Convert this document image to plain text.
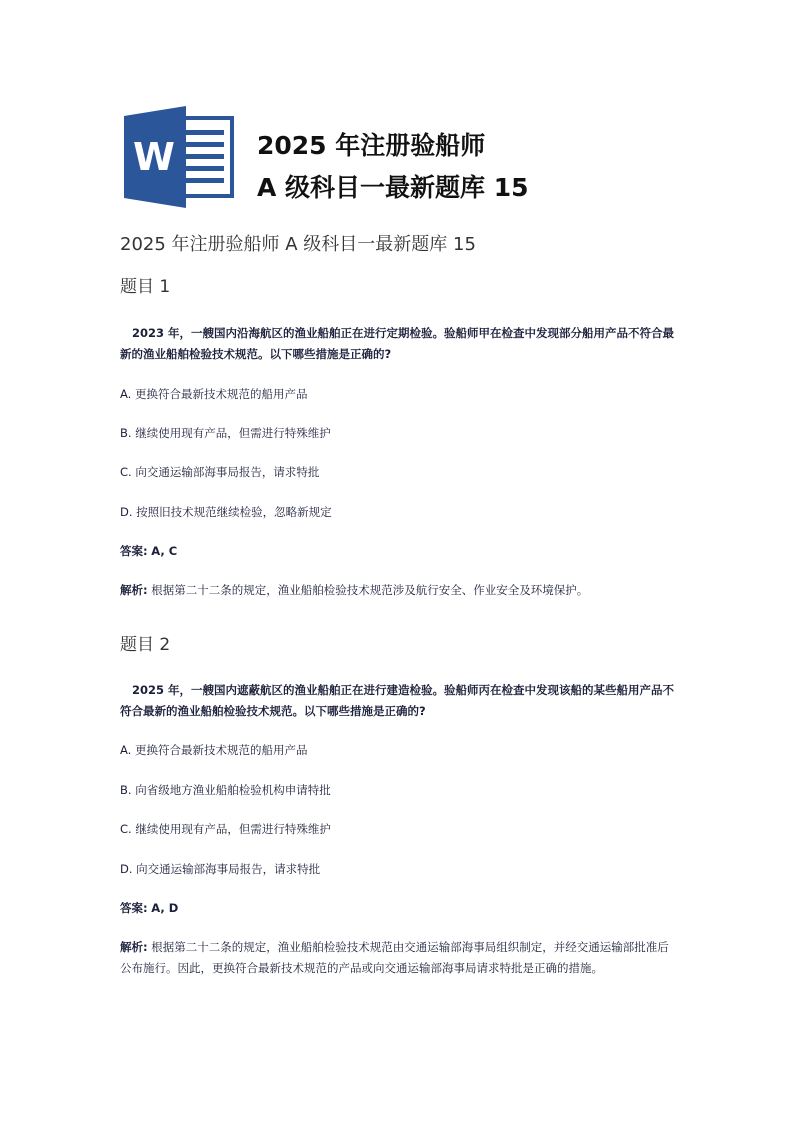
W	2025 年注册验船师
A 级科目一最新题库 15
2025 年注册验船师 A 级科目一最新题库 15
题目 1
2023 年，一艘国内沿海航区的渔业船舶正在进行定期检验。验船师甲在检查中发现部分船用产品不符合最新的渔业船舶检验技术规范。以下哪些措施是正确的?
A. 更换符合最新技术规范的船用产品
B. 继续使用现有产品，但需进行特殊维护
C. 向交通运输部海事局报告，请求特批
D. 按照旧技术规范继续检验，忽略新规定
答案: A, C
解析: 根据第二十二条的规定，渔业船舶检验技术规范涉及航行安全、作业安全及环境保护。
题目 2
2025 年，一艘国内遮蔽航区的渔业船舶正在进行建造检验。验船师丙在检查中发现该船的某些船用产品不符合最新的渔业船舶检验技术规范。以下哪些措施是正确的?
A. 更换符合最新技术规范的船用产品
B. 向省级地方渔业船舶检验机构申请特批
C. 继续使用现有产品，但需进行特殊维护
D. 向交通运输部海事局报告，请求特批
答案: A, D
解析: 根据第二十二条的规定，渔业船舶检验技术规范由交通运输部海事局组织制定，并经交通运输部批准后公布施行。因此，更换符合最新技术规范的产品或向交通运输部海事局请求特批是正确的措施。
